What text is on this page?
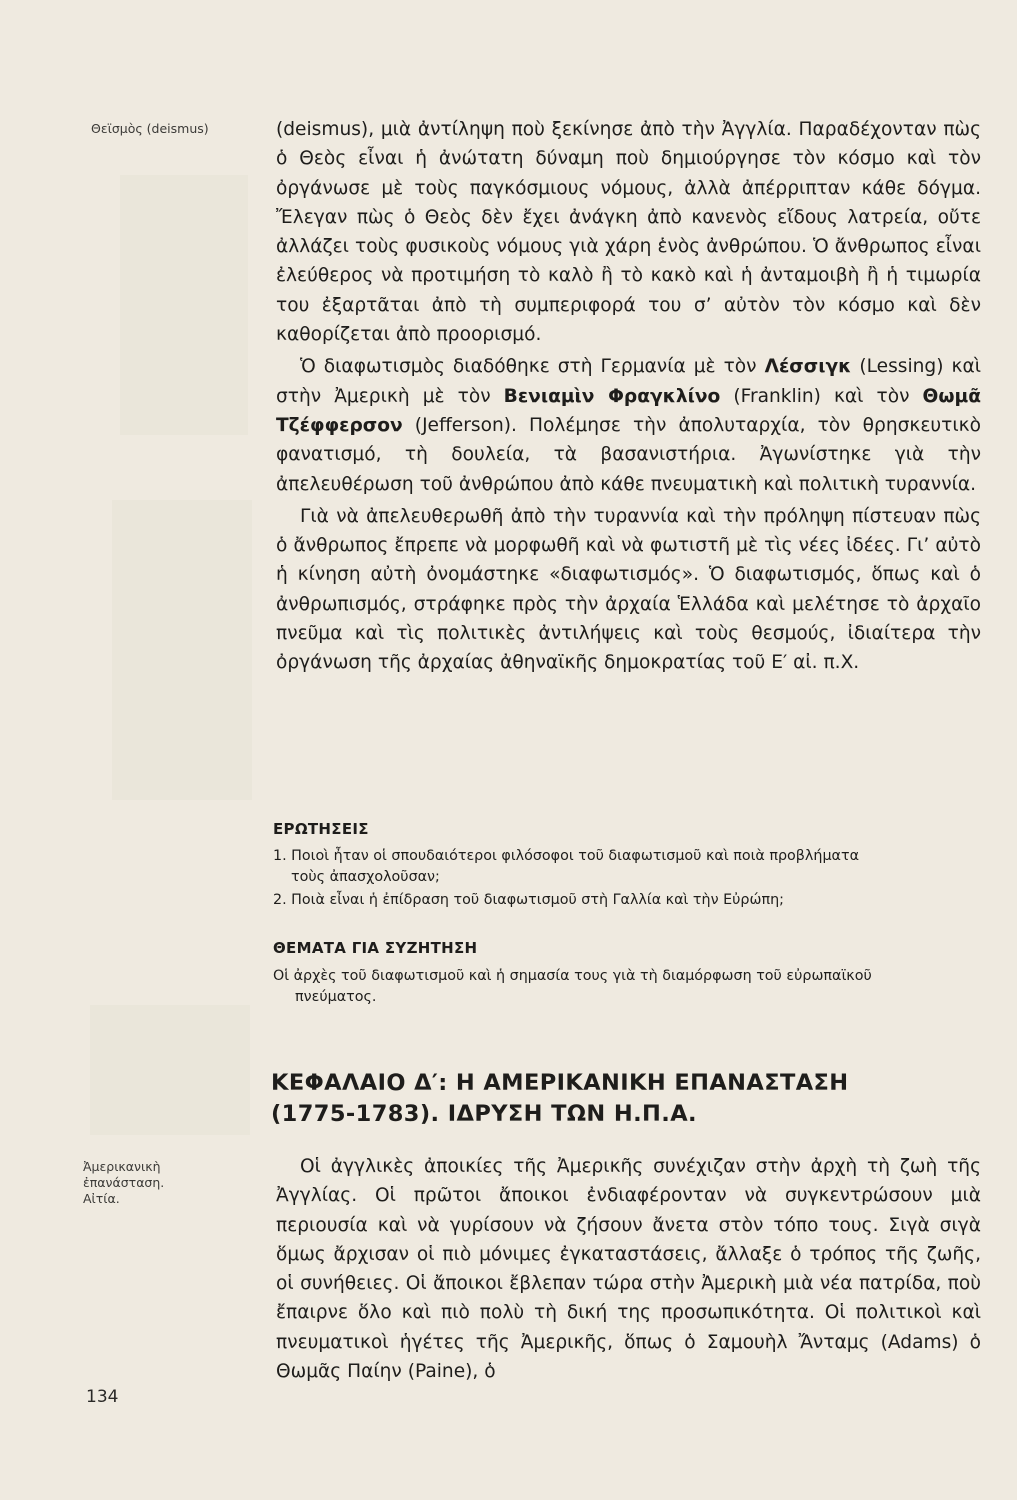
Θεϊσμὸς (deismus)
Ἀμερικανικὴ
ἐπανάσταση.
Αἰτία.
134

(deismus), μιὰ ἀντίληψη ποὺ ξεκίνησε ἀπὸ τὴν Ἀγγλία. Παραδέχονταν πὼς ὁ Θεὸς εἶναι ἡ ἀνώτατη δύναμη ποὺ δημιούργησε τὸν κόσμο καὶ τὸν ὀργάνωσε μὲ τοὺς παγκόσμιους νόμους, ἀλλὰ ἀπέρριπταν κάθε δόγμα. Ἔλεγαν πὼς ὁ Θεὸς δὲν ἔχει ἀνάγκη ἀπὸ κανενὸς εἴδους λατρεία, οὔτε ἀλλάζει τοὺς φυσικοὺς νόμους γιὰ χάρη ἑνὸς ἀνθρώπου. Ὁ ἄνθρωπος εἶναι ἐλεύθερος νὰ προτιμήση τὸ καλὸ ἢ τὸ κακὸ καὶ ἡ ἀνταμοιβὴ ἢ ἡ τιμωρία του ἐξαρτᾶται ἀπὸ τὴ συμπεριφορά του σ’ αὐτὸν τὸν κόσμο καὶ δὲν καθορίζεται ἀπὸ προορισμό.

Ὁ διαφωτισμὸς διαδόθηκε στὴ Γερμανία μὲ τὸν Λέσσιγκ (Lessing) καὶ στὴν Ἀμερικὴ μὲ τὸν Βενιαμὶν Φραγκλίνο (Franklin) καὶ τὸν Θωμᾶ Τζέφφερσον (Jefferson). Πολέμησε τὴν ἀπολυταρχία, τὸν θρησκευτικὸ φανατισμό, τὴ δουλεία, τὰ βασανιστήρια. Ἀγωνίστηκε γιὰ τὴν ἀπελευθέρωση τοῦ ἀνθρώπου ἀπὸ κάθε πνευματικὴ καὶ πολιτικὴ τυραννία.

Γιὰ νὰ ἀπελευθερωθῆ ἀπὸ τὴν τυραννία καὶ τὴν πρόληψη πίστευαν πὼς ὁ ἄνθρωπος ἔπρεπε νὰ μορφωθῆ καὶ νὰ φωτιστῆ μὲ τὶς νέες ἰδέες. Γι’ αὐτὸ ἡ κίνηση αὐτὴ ὀνομάστηκε «διαφωτισμός». Ὁ διαφωτισμός, ὅπως καὶ ὁ ἀνθρωπισμός, στράφηκε πρὸς τὴν ἀρχαία Ἑλλάδα καὶ μελέτησε τὸ ἀρχαῖο πνεῦμα καὶ τὶς πολιτικὲς ἀντιλήψεις καὶ τοὺς θεσμούς, ἰδιαίτερα τὴν ὀργάνωση τῆς ἀρχαίας ἀθηναϊκῆς δημοκρατίας τοῦ Ε′ αἰ. π.Χ.

ΕΡΩΤΗΣΕΙΣ

1. Ποιοὶ ἦταν οἱ σπουδαιότεροι φιλόσοφοι τοῦ διαφωτισμοῦ καὶ ποιὰ προβλήματα

τοὺς ἀπασχολοῦσαν;

2. Ποιὰ εἶναι ἡ ἐπίδραση τοῦ διαφωτισμοῦ στὴ Γαλλία καὶ τὴν Εὐρώπη;

ΘΕΜΑΤΑ ΓΙΑ ΣΥΖΗΤΗΣΗ

Οἱ ἀρχὲς τοῦ διαφωτισμοῦ καὶ ἡ σημασία τους γιὰ τὴ διαμόρφωση τοῦ εὐρωπαϊκοῦ

πνεύματος.

ΚΕΦΑΛΑΙΟ Δ′: Η ΑΜΕΡΙΚΑΝΙΚΗ ΕΠΑΝΑΣΤΑΣΗ
(1775-1783). ΙΔΡΥΣΗ ΤΩΝ Η.Π.Α.

Οἱ ἀγγλικὲς ἀποικίες τῆς Ἀμερικῆς συνέχιζαν στὴν ἀρχὴ τὴ ζωὴ τῆς Ἀγγλίας. Οἱ πρῶτοι ἄποικοι ἐνδιαφέρονταν νὰ συγκεντρώσουν μιὰ περιουσία καὶ νὰ γυρίσουν νὰ ζήσουν ἄνετα στὸν τόπο τους. Σιγὰ σιγὰ ὅμως ἄρχισαν οἱ πιὸ μόνιμες ἐγκαταστάσεις, ἄλλαξε ὁ τρόπος τῆς ζωῆς, οἱ συνήθειες. Οἱ ἄποικοι ἔβλεπαν τώρα στὴν Ἀμερικὴ μιὰ νέα πατρίδα, ποὺ ἔπαιρνε ὅλο καὶ πιὸ πολὺ τὴ δική της προσωπικότητα. Οἱ πολιτικοὶ καὶ πνευματικοὶ ἡγέτες τῆς Ἀμερικῆς, ὅπως ὁ Σαμουὴλ Ἄνταμς (Adams) ὁ Θωμᾶς Παίην (Paine), ὁ
